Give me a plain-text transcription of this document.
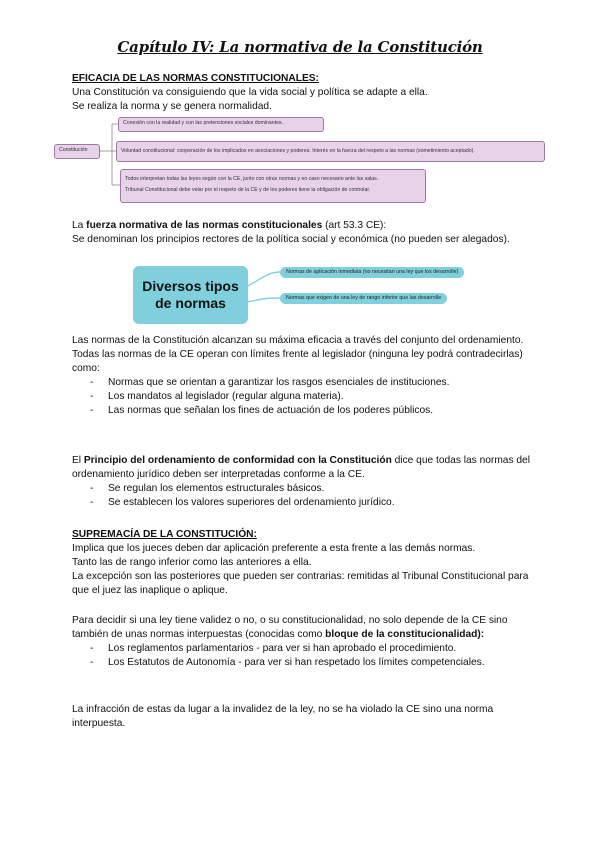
Capítulo IV: La normativa de la Constitución

EFICACIA DE LAS NORMAS CONSTITUCIONALES:

Una Constitución va consiguiendo que la vida social y política se adapte a ella.

Se realiza la norma y se genera normalidad.

Constitución
Conexión con la realidad y con las pretensiones sociales dominantes.
Voluntad constitucional: cooperación de los implicados en asociaciones y poderes. Interés en la fuerza del respeto a las normas (sometimiento aceptado).
Todos interpretan todas las leyes según con la CE, junto con otras normas y en caso necesario ante las salas.
Tribunal Constitucional debe velar por el respeto de la CE y de los poderes tiene la obligación de controlar.

La fuerza normativa de las normas constitucionales (art 53.3 CE):

Se denominan los principios rectores de la política social y económica (no pueden ser alegados).

Diversos tipos de normas
Normas de aplicación inmediata (no necesitan una ley que los desarrolle)
Normas que exigen de una ley de rango inferior que las desarrolle

Las normas de la Constitución alcanzan su máxima eficacia a través del conjunto del ordenamiento.

Todas las normas de la CE operan con límites frente al legislador (ninguna ley podrá contradecirlas) como:

- Normas que se orientan a garantizar los rasgos esenciales de instituciones.
- Los mandatos al legislador (regular alguna materia).
- Las normas que señalan los fines de actuación de los poderes públicos.

El Principio del ordenamiento de conformidad con la Constitución dice que todas las normas del ordenamiento jurídico deben ser interpretadas conforme a la CE.

- Se regulan los elementos estructurales básicos.
- Se establecen los valores superiores del ordenamiento jurídico.

SUPREMACÍA DE LA CONSTITUCIÓN:

Implica que los jueces deben dar aplicación preferente a esta frente a las demás normas.

Tanto las de rango inferior como las anteriores a ella.

La excepción son las posteriores que pueden ser contrarias: remitidas al Tribunal Constitucional para que el juez las inaplique o aplique.

Para decidir si una ley tiene validez o no, o su constitucionalidad, no solo depende de la CE sino también de unas normas interpuestas (conocidas como bloque de la constitucionalidad):

- Los reglamentos parlamentarios - para ver si han aprobado el procedimiento.
- Los Estatutos de Autonomía - para ver si han respetado los límites competenciales.

La infracción de estas da lugar a la invalidez de la ley, no se ha violado la CE sino una norma interpuesta.
